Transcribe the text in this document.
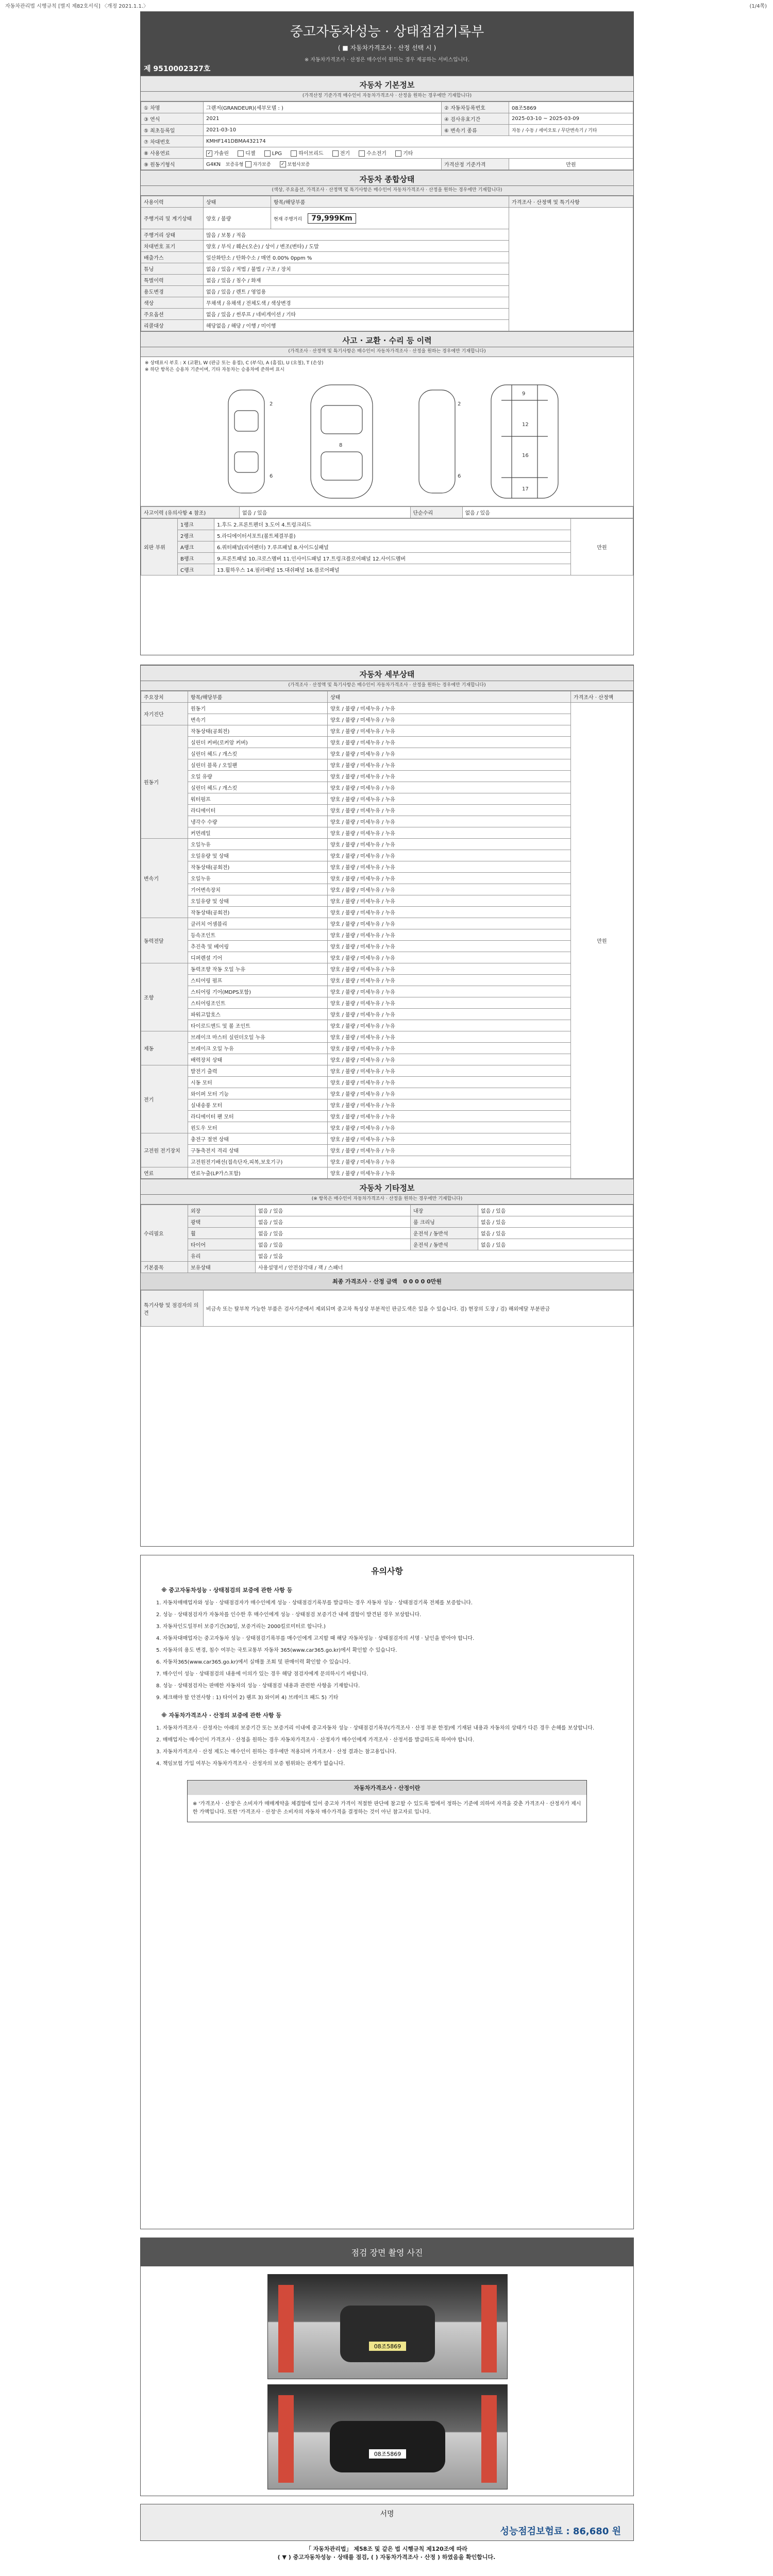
자동차관리법 시행규칙 [별지 제82호서식] 〈개정 2021.1.1.〉	(1/4쪽)
중고자동차성능 · 상태점검기록부
( ■ 자동차가격조사 · 산정 선택 시 )
※ 자동차가격조사 · 산정은 매수인이 원하는 경우 제공하는 서비스입니다.
제 9510002327호
자동차 기본정보
(가격산정 기준가격 매수인이 자동차가격조사 · 산정을 원하는 경우에만 기재합니다)
① 차명	그랜저(GRANDEUR)(세부모델 : )	② 자동차등록번호	08조5869
③ 연식	2021	④ 검사유효기간	2025-03-10 ~ 2025-03-09
⑤ 최초등록일	2021-03-10	⑥ 변속기 종류	자동 / 수동 / 세미오토 / 무단변속기 / 기타
⑦ 차대번호	KMHF141DBMA432174		
⑧ 사용연료	✓ 가솔린 디젤 LPG 하이브리드 전기 수소전기 기타		
⑨ 원동기형식	G4KN 보증유형 자가보증 ✓ 보험사보증	가격산정 기준가격	만원
자동차 종합상태
(색상, 주요옵션, 가격조사 · 산정액 및 특기사항은 매수인이 자동차가격조사 · 산정을 원하는 경우에만 기재합니다)
사용이력	상태	항목/해당부품	가격조사 · 산정액 및 특기사항
주행거리 및 계기상태	양호 / 불량	현재 주행거리 79,999Km	
주행거리 상태	많음 / 보통 / 적음		
차대번호 표기	양호 / 부식 / 훼손(오손) / 상이 / 변조(변타) / 도말		
배출가스	일산화탄소 / 탄화수소 / 매연 0.00% 0ppm %		
튜닝	없음 / 있음 / 적법 / 불법 / 구조 / 장치		
특별이력	없음 / 있음 / 침수 / 화재		
용도변경	없음 / 있음 / 렌트 / 영업용		
색상	무채색 / 유채색 / 전체도색 / 색상변경		
주요옵션	없음 / 있음 / 썬루프 / 네비게이션 / 기타		
리콜대상	해당없음 / 해당 / 이행 / 미이행		
사고 · 교환 · 수리 등 이력
(가격조사 · 산정액 및 특기사항은 매수인이 자동차가격조사 · 산정을 원하는 경우에만 기재합니다)
※ 상태표시 부호 : X (교환), W (판금 또는 용접), C (부식), A (흠집), U (요철), T (손상)
※ 하단 항목은 승용차 기준이며, 기타 자동차는 승용차에 준하여 표시
8
2
6
2
6
9
12
16
17
사고이력 (유의사항 4 참조)	없음 / 있음	단순수리	없음 / 있음
외판 부위	1랭크	1.후드 2.프론트펜더 3.도어 4.트렁크리드	만원
	2랭크	5.라디에이터서포트(볼트체결부품)	
	A랭크	6.쿼터패널(리어펜더) 7.루프패널 8.사이드실패널	
	B랭크	9.프론트패널 10.크로스멤버 11.인사이드패널 17.트렁크플로어패널 12.사이드멤버	
	C랭크	13.휠하우스 14.필러패널 15.대쉬패널 16.플로어패널	
자동차 세부상태
(가격조사 · 산정액 및 특기사항은 매수인이 자동차가격조사 · 산정을 원하는 경우에만 기재합니다)
주요장치	항목/해당부품	상태	가격조사 · 산정액
자기진단	원동기	양호 / 불량 / 미세누유 / 누유	만원
	변속기	양호 / 불량 / 미세누유 / 누유	
원동기	작동상태(공회전)	양호 / 불량 / 미세누유 / 누유	
	실린더 커버(로커암 커버)	양호 / 불량 / 미세누유 / 누유	
	실린더 헤드 / 개스킷	양호 / 불량 / 미세누유 / 누유	
	실린더 블록 / 오일팬	양호 / 불량 / 미세누유 / 누유	
	오일 유량	양호 / 불량 / 미세누유 / 누유	
	실린더 헤드 / 개스킷	양호 / 불량 / 미세누유 / 누유	
	워터펌프	양호 / 불량 / 미세누유 / 누유	
	라디에이터	양호 / 불량 / 미세누유 / 누유	
	냉각수 수량	양호 / 불량 / 미세누유 / 누유	
	커먼레일	양호 / 불량 / 미세누유 / 누유	
변속기	오일누유	양호 / 불량 / 미세누유 / 누유	
	오일유량 및 상태	양호 / 불량 / 미세누유 / 누유	
	작동상태(공회전)	양호 / 불량 / 미세누유 / 누유	
	오일누유	양호 / 불량 / 미세누유 / 누유	
	기어변속장치	양호 / 불량 / 미세누유 / 누유	
	오일유량 및 상태	양호 / 불량 / 미세누유 / 누유	
	작동상태(공회전)	양호 / 불량 / 미세누유 / 누유	
동력전달	클러치 어셈블리	양호 / 불량 / 미세누유 / 누유	
	등속조인트	양호 / 불량 / 미세누유 / 누유	
	추진축 및 베어링	양호 / 불량 / 미세누유 / 누유	
	디퍼렌셜 기어	양호 / 불량 / 미세누유 / 누유	
조향	동력조향 작동 오일 누유	양호 / 불량 / 미세누유 / 누유	
	스티어링 펌프	양호 / 불량 / 미세누유 / 누유	
	스티어링 기어(MDPS포함)	양호 / 불량 / 미세누유 / 누유	
	스티어링조인트	양호 / 불량 / 미세누유 / 누유	
	파워고압호스	양호 / 불량 / 미세누유 / 누유	
	타이로드엔드 및 볼 조인트	양호 / 불량 / 미세누유 / 누유	
제동	브레이크 마스터 실린더오일 누유	양호 / 불량 / 미세누유 / 누유	
	브레이크 오일 누유	양호 / 불량 / 미세누유 / 누유	
	배력장치 상태	양호 / 불량 / 미세누유 / 누유	
전기	발전기 출력	양호 / 불량 / 미세누유 / 누유	
	시동 모터	양호 / 불량 / 미세누유 / 누유	
	와이퍼 모터 기능	양호 / 불량 / 미세누유 / 누유	
	실내송풍 모터	양호 / 불량 / 미세누유 / 누유	
	라디에이터 팬 모터	양호 / 불량 / 미세누유 / 누유	
	윈도우 모터	양호 / 불량 / 미세누유 / 누유	
고전원 전기장치	충전구 절연 상태	양호 / 불량 / 미세누유 / 누유	
	구동축전지 격리 상태	양호 / 불량 / 미세누유 / 누유	
	고전원전기배선(접속단자,피복,보호기구)	양호 / 불량 / 미세누유 / 누유	
연료	연료누출(LP가스포함)	양호 / 불량 / 미세누유 / 누유	
자동차 기타정보
(※ 항목은 매수인이 자동차가격조사 · 산정을 원하는 경우에만 기재합니다)
수리필요	외장	없음 / 있음	내장	없음 / 있음
	광택	없음 / 있음	룸 크리닝	없음 / 있음
	휠	없음 / 있음	운전석 / 동반석	없음 / 있음
	타이어	없음 / 있음	운전석 / 동반석	없음 / 있음
	유리	없음 / 있음		
기본품목	보유상태	사용설명서 / 안전삼각대 / 잭 / 스패너		
최종 가격조사 · 산정 금액 0 0 0 0 0만원
특기사항 및 점검자의 의견	비금속 또는 탈부착 가능한 부품은 검사기준에서 제외되며 중고차 특성상 부분적인 판금도색은 있을 수 있습니다. 검) 현장의 도장 / 검) 해외에달 부분판금
유의사항
※ 중고자동차성능 · 상태점검의 보증에 관한 사항 등
1. 자동차매매업자와 성능 · 상태점검자가 매수인에게 성능 · 상태점검기록부를 발급하는 경우 자동차 성능 · 상태점검기록 전체를 보증합니다.
2. 성능 · 상태점검자가 자동차를 인수한 후 매수인에게 성능 · 상태점검 보증기간 내에 결함이 발견된 경우 보상합니다.
3. 자동차인도일부터 보증기간(30일, 보증거리는 2000킬로미터로 합니다.)
4. 자동차대매업자는 중고자동차 성능 · 상태점검기록부를 매수인에게 고지할 때 해당 자동차성능 · 상태점검자의 서명 · 날인을 받아야 합니다.
5. 자동차의 용도 변경, 침수 여부는 국토교통부 자동차 365(www.car365.go.kr)에서 확인할 수 있습니다.
6. 자동차365(www.car365.go.kr)에서 실매물 조회 및 판매이력 확인할 수 있습니다.
7. 매수인이 성능 · 상태점검의 내용에 이의가 있는 경우 해당 점검자에게 문의하시기 바랍니다.
8. 성능 · 상태점검자는 판매한 자동차의 성능 · 상태점검 내용과 관련한 사항을 기재합니다.
9. 체크해야 할 안전사항 : 1) 타이어 2) 램프 3) 와이퍼 4) 브레이크 패드 5) 기타
※ 자동차가격조사 · 산정의 보증에 관한 사항 등
1. 자동차가격조사 · 산정자는 아래의 보증기간 또는 보증거리 이내에 중고자동차 성능 · 상태점검기록부(가격조사 · 산정 부분 한정)에 기재된 내용과 자동차의 상태가 다른 경우 손해를 보상합니다.
2. 매매업자는 매수인이 가격조사 · 산정을 원하는 경우 자동차가격조사 · 산정자가 매수인에게 가격조사 · 산정서를 발급하도록 하여야 합니다.
3. 자동차가격조사 · 산정 제도는 매수인이 원하는 경우에만 적용되며 가격조사 · 산정 결과는 참고용입니다.
4. 책임보험 가입 여부는 자동차가격조사 · 산정자의 보증 범위와는 관계가 없습니다.
자동차가격조사 · 산정이란
※ '가격조사 · 산정'은 소비자가 매매계약을 체결함에 있어 중고차 가격이 적절한 판단에 참고할 수 있도록 법에서 정하는 기준에 의하여 자격을 갖춘 가격조사 · 산정자가 제시한 가액입니다. 또한 '가격조사 · 산정'은 소비자의 자동차 매수가격을 결정하는 것이 아닌 참고자료 입니다.
점검 장면 촬영 사진
08조5869
08조5869
서명
성능점검보험료 : 86,680 원
「 자동차관리법」 제58조 및 같은 법 시행규칙 제120조에 따라
( ▼ ) 중고자동차성능 · 상태를 점검, ( ) 자동차가격조사 · 산정 ) 하였음을 확인합니다.
